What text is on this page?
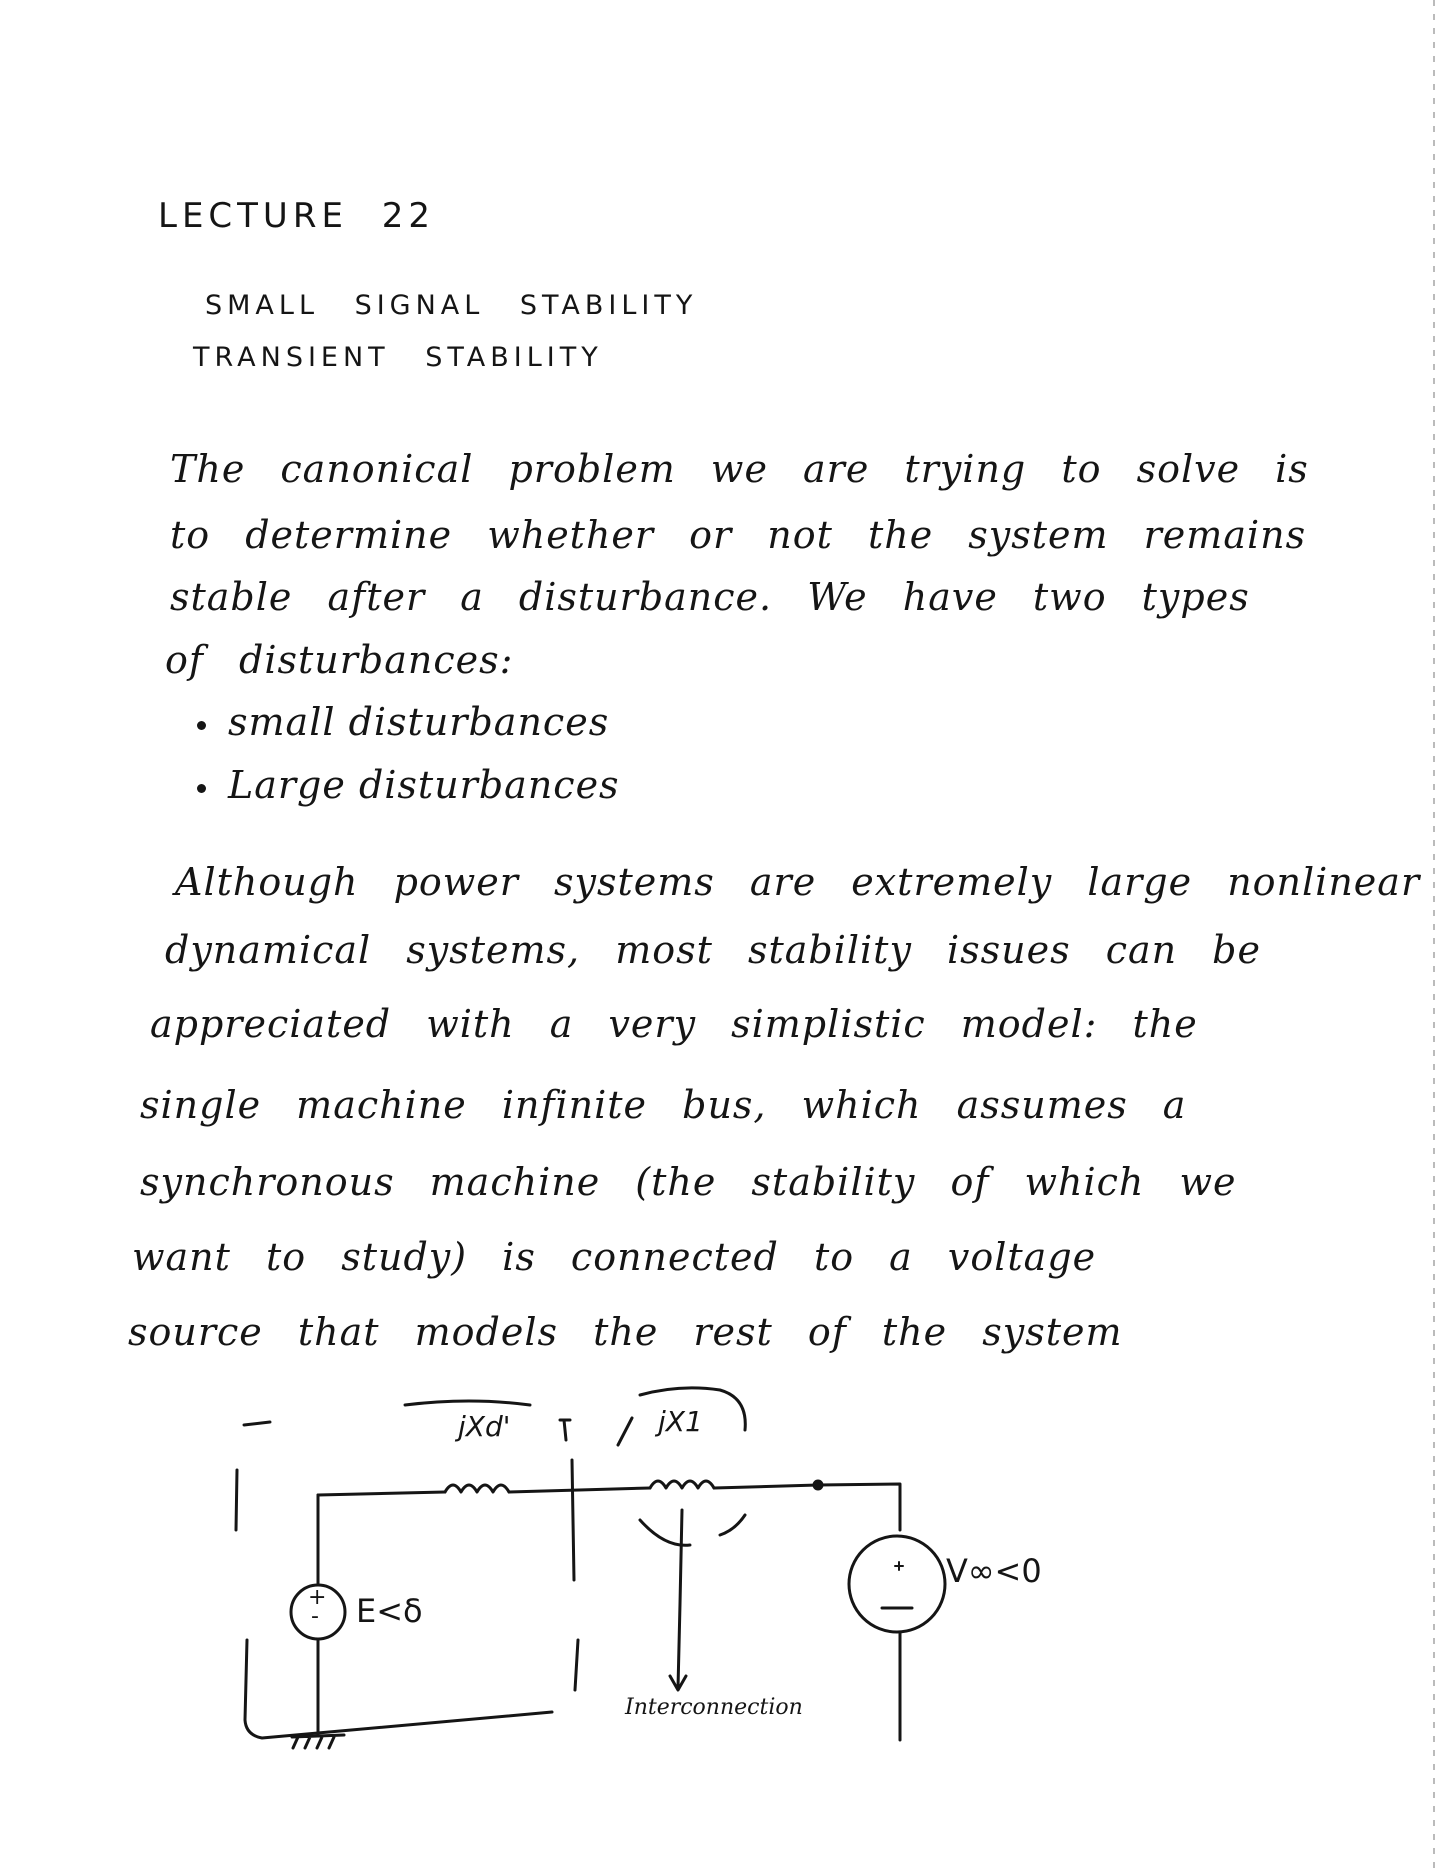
LECTURE 22
SMALL SIGNAL STABILITY
TRANSIENT STABILITY
The canonical problem we are trying to solve is
to determine whether or not the system remains
stable after a disturbance. We have two types
of disturbances:
small disturbances
Large disturbances
Although power systems are extremely large nonlinear
dynamical systems, most stability issues can be
appreciated with a very simplistic model: the
single machine infinite bus, which assumes a
synchronous machine (the stability of which we
want to study) is connected to a voltage
source that models the rest of the system
jXd'	jX1
+
- E<δ
V∞<0
Interconnection
